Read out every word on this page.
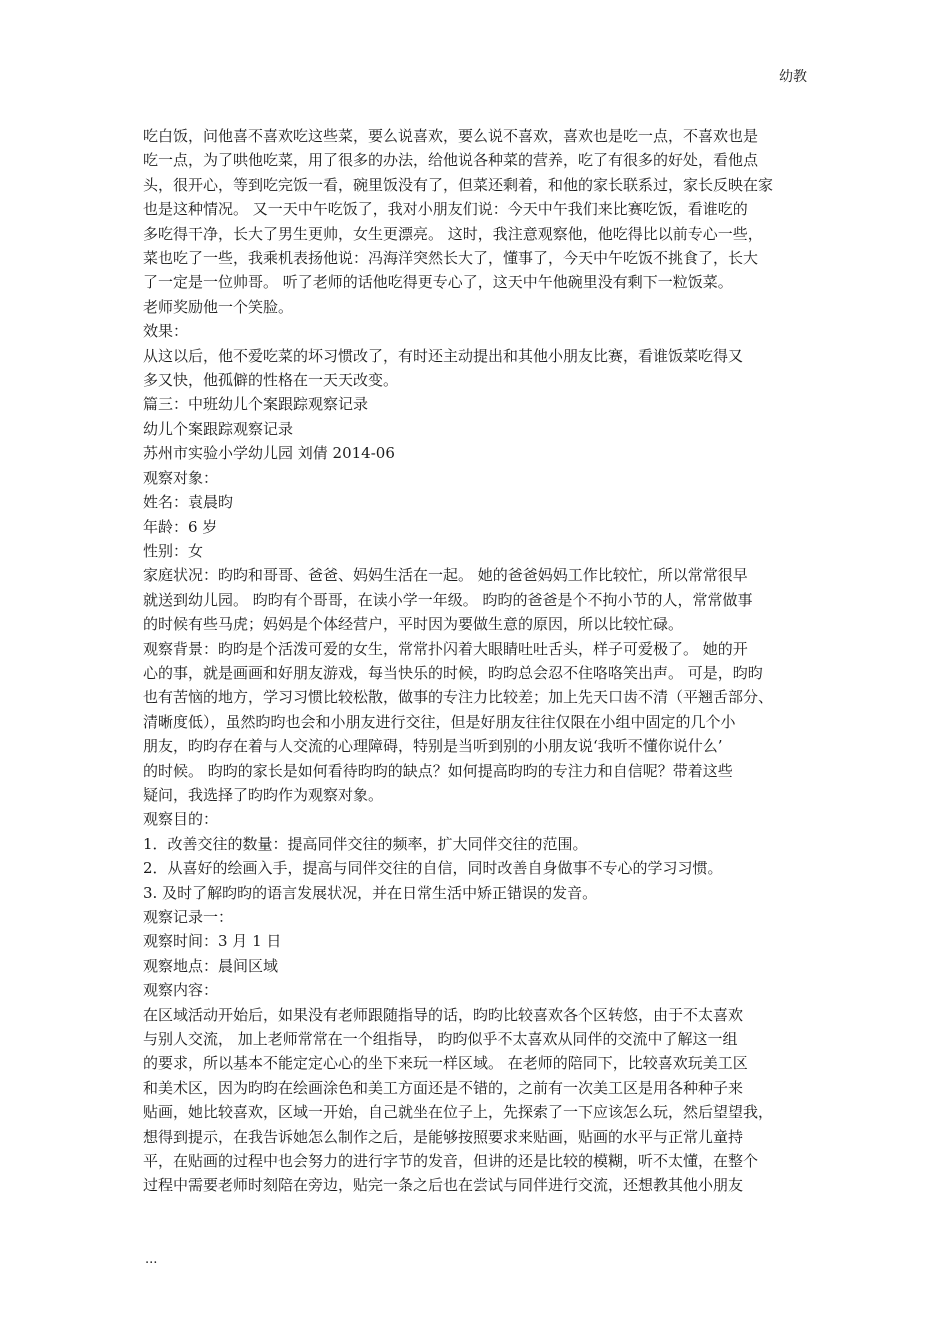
幼教

吃白饭，问他喜不喜欢吃这些菜，要么说喜欢，要么说不喜欢，喜欢也是吃一点，不喜欢也是

吃一点，为了哄他吃菜，用了很多的办法，给他说各种菜的营养，吃了有很多的好处，看他点

头，很开心，等到吃完饭一看，碗里饭没有了，但菜还剩着，和他的家长联系过，家长反映在家

也是这种情况。 又一天中午吃饭了，我对小朋友们说：今天中午我们来比赛吃饭，看谁吃的

多吃得干净，长大了男生更帅，女生更漂亮。 这时，我注意观察他，他吃得比以前专心一些，

菜也吃了一些，我乘机表扬他说：冯海洋突然长大了，懂事了，今天中午吃饭不挑食了，长大

了一定是一位帅哥。 听了老师的话他吃得更专心了，这天中午他碗里没有剩下一粒饭菜。

老师奖励他一个笑脸。

效果：

从这以后，他不爱吃菜的坏习惯改了，有时还主动提出和其他小朋友比赛，看谁饭菜吃得又

多又快，他孤僻的性格在一天天改变。

篇三：中班幼儿个案跟踪观察记录

幼儿个案跟踪观察记录

苏州市实验小学幼儿园 刘倩 2014-06

观察对象：

姓名：袁晨昀

年龄：6 岁

性别：女

家庭状况：昀昀和哥哥、爸爸、妈妈生活在一起。 她的爸爸妈妈工作比较忙，所以常常很早

就送到幼儿园。 昀昀有个哥哥，在读小学一年级。 昀昀的爸爸是个不拘小节的人，常常做事

的时候有些马虎；妈妈是个体经营户，平时因为要做生意的原因，所以比较忙碌。

观察背景：昀昀是个活泼可爱的女生，常常扑闪着大眼睛吐吐舌头，样子可爱极了。 她的开

心的事，就是画画和好朋友游戏，每当快乐的时候，昀昀总会忍不住咯咯笑出声。 可是，昀昀

也有苦恼的地方，学习习惯比较松散，做事的专注力比较差；加上先天口齿不清（平翘舌部分、

清晰度低），虽然昀昀也会和小朋友进行交往，但是好朋友往往仅限在小组中固定的几个小

朋友，昀昀存在着与人交流的心理障碍，特别是当听到别的小朋友说‘我听不懂你说什么’

的时候。 昀昀的家长是如何看待昀昀的缺点？如何提高昀昀的专注力和自信呢？带着这些

疑问，我选择了昀昀作为观察对象。

观察目的：

1．改善交往的数量：提高同伴交往的频率，扩大同伴交往的范围。

2．从喜好的绘画入手，提高与同伴交往的自信，同时改善自身做事不专心的学习习惯。

3. 及时了解昀昀的语言发展状况，并在日常生活中矫正错误的发音。

观察记录一：

观察时间：3 月 1 日

观察地点：晨间区域

观察内容：

在区域活动开始后，如果没有老师跟随指导的话，昀昀比较喜欢各个区转悠，由于不太喜欢

与别人交流， 加上老师常常在一个组指导， 昀昀似乎不太喜欢从同伴的交流中了解这一组

的要求，所以基本不能定定心心的坐下来玩一样区域。 在老师的陪同下，比较喜欢玩美工区

和美术区，因为昀昀在绘画涂色和美工方面还是不错的，之前有一次美工区是用各种种子来

贴画，她比较喜欢，区域一开始，自己就坐在位子上，先探索了一下应该怎么玩，然后望望我，

想得到提示，在我告诉她怎么制作之后，是能够按照要求来贴画，贴画的水平与正常儿童持

平，在贴画的过程中也会努力的进行字节的发音，但讲的还是比较的模糊，听不太懂，在整个

过程中需要老师时刻陪在旁边，贴完一条之后也在尝试与同伴进行交流，还想教其他小朋友

...
